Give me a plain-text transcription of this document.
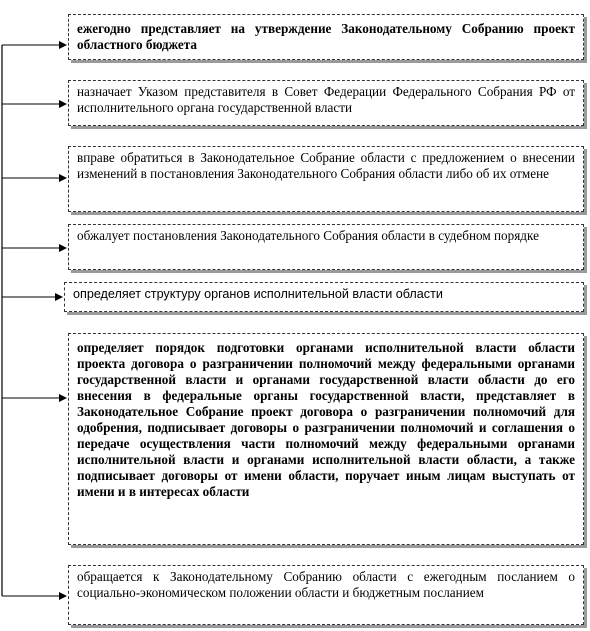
ежегодно представляет на утверждение Законодательному Собранию проект областного бюджета
назначает Указом представителя в Совет Федерации Федерального Собрания РФ от исполнительного органа государственной власти
вправе обратиться в Законодательное Собрание области с предложением о внесении изменений в постановления Законодательного Собрания области либо об их отмене
обжалует постановления Законодательного Собрания области в судебном порядке
определяет структуру органов исполнительной власти области
определяет порядок подготовки органами исполнительной власти области проекта договора о разграничении полномочий между федеральными органами государственной власти и органами государственной власти области до его внесения в федеральные органы государственной власти, представляет в Законодательное Собрание проект договора о разграничении полномочий для одобрения, подписывает договоры о разграничении полномочий и соглашения о передаче осуществления части полномочий между федеральными органами исполнительной власти и органами исполнительной власти области, а также подписывает договоры от имени области, поручает иным лицам выступать от имени и в интересах области
обращается к Законодательному Собранию области с ежегодным посланием о социально-экономическом положении области и бюджетным посланием
